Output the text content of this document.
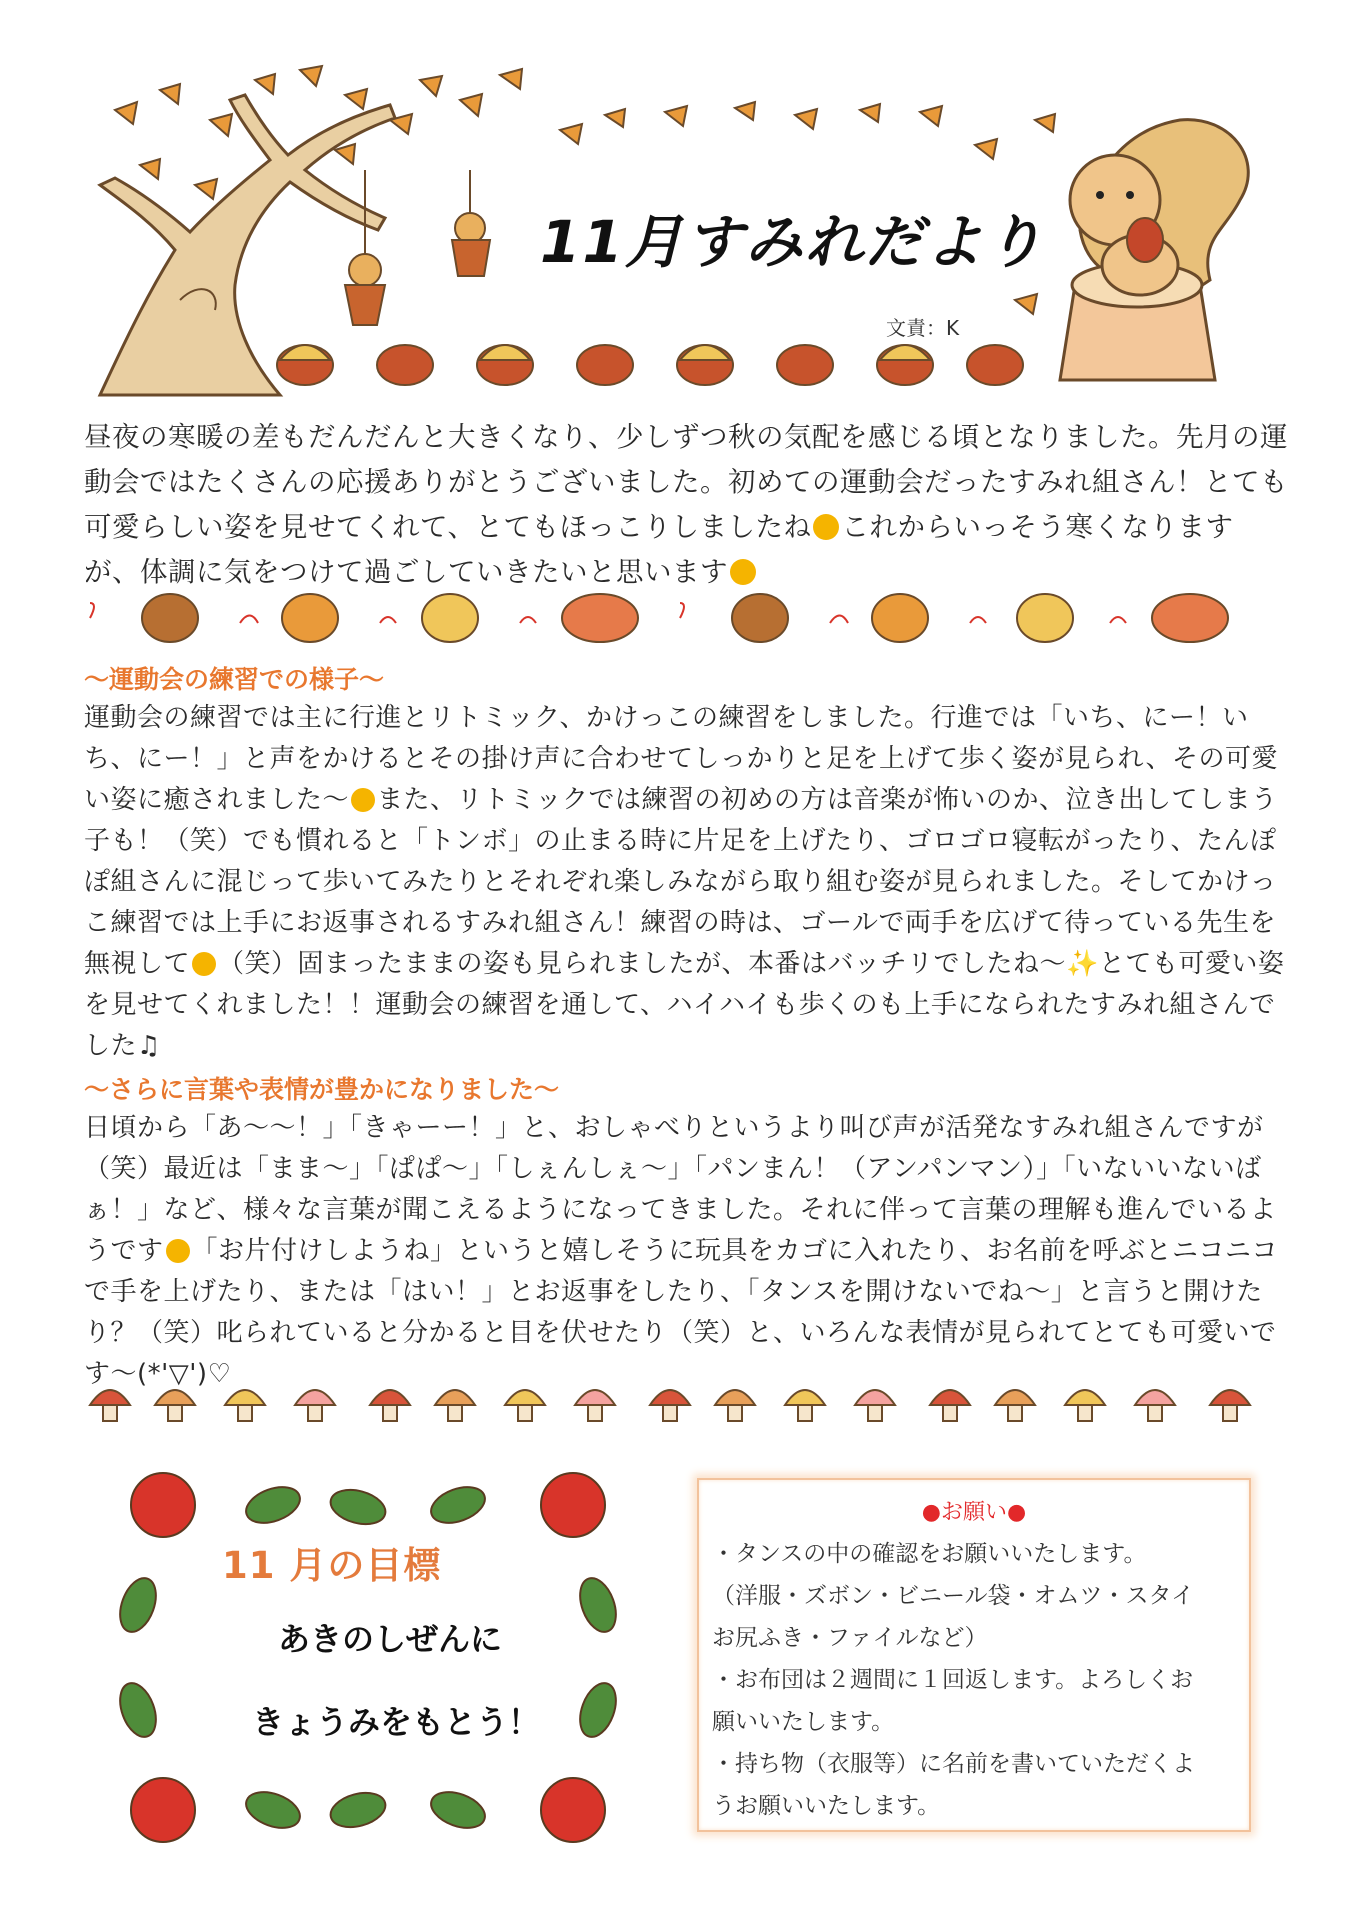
11月すみれだより
文責：K

昼夜の寒暖の差もだんだんと大きくなり、少しずつ秋の気配を感じる頃となりました。先月の運動会ではたくさんの応援ありがとうございました。初めての運動会だったすみれ組さん！とても可愛らしい姿を見せてくれて、とてもほっこりしましたね これからいっそう寒くなりますが、体調に気をつけて過ごしていきたいと思います

～運動会の練習での様子～

運動会の練習では主に行進とリトミック、かけっこの練習をしました。行進では「いち、にー！いち、にー！」と声をかけるとその掛け声に合わせてしっかりと足を上げて歩く姿が見られ、その可愛い姿に癒されました～ また、リトミックでは練習の初めの方は音楽が怖いのか、泣き出してしまう子も！（笑）でも慣れると「トンボ」の止まる時に片足を上げたり、ゴロゴロ寝転がったり、たんぽぽ組さんに混じって歩いてみたりとそれぞれ楽しみながら取り組む姿が見られました。そしてかけっこ練習では上手にお返事されるすみれ組さん！練習の時は、ゴールで両手を広げて待っている先生を無視して （笑）固まったままの姿も見られましたが、本番はバッチリでしたね～✨とても可愛い姿を見せてくれました！！運動会の練習を通して、ハイハイも歩くのも上手になられたすみれ組さんでした♫

～さらに言葉や表情が豊かになりました～

日頃から「あ～～！」「きゃーー！」と、おしゃべりというより叫び声が活発なすみれ組さんですが（笑）最近は「まま～」「ぱぱ～」「しぇんしぇ～」「パンまん！（アンパンマン）」「いないいないばぁ！」など、様々な言葉が聞こえるようになってきました。それに伴って言葉の理解も進んでいるようです 「お片付けしようね」というと嬉しそうに玩具をカゴに入れたり、お名前を呼ぶとニコニコで手を上げたり、または「はい！」とお返事をしたり、「タンスを開けないでね～」と言うと開けたり？（笑）叱られていると分かると目を伏せたり（笑）と、いろんな表情が見られてとても可愛いです～(*'▽')♡

11 月の目標
あきのしぜんに
きょうみをもとう！
●お願い●
・タンスの中の確認をお願いいたします。
（洋服・ズボン・ビニール袋・オムツ・スタイ
お尻ふき・ファイルなど）
・お布団は２週間に１回返します。よろしくお
願いいたします。
・持ち物（衣服等）に名前を書いていただくよ
うお願いいたします。
